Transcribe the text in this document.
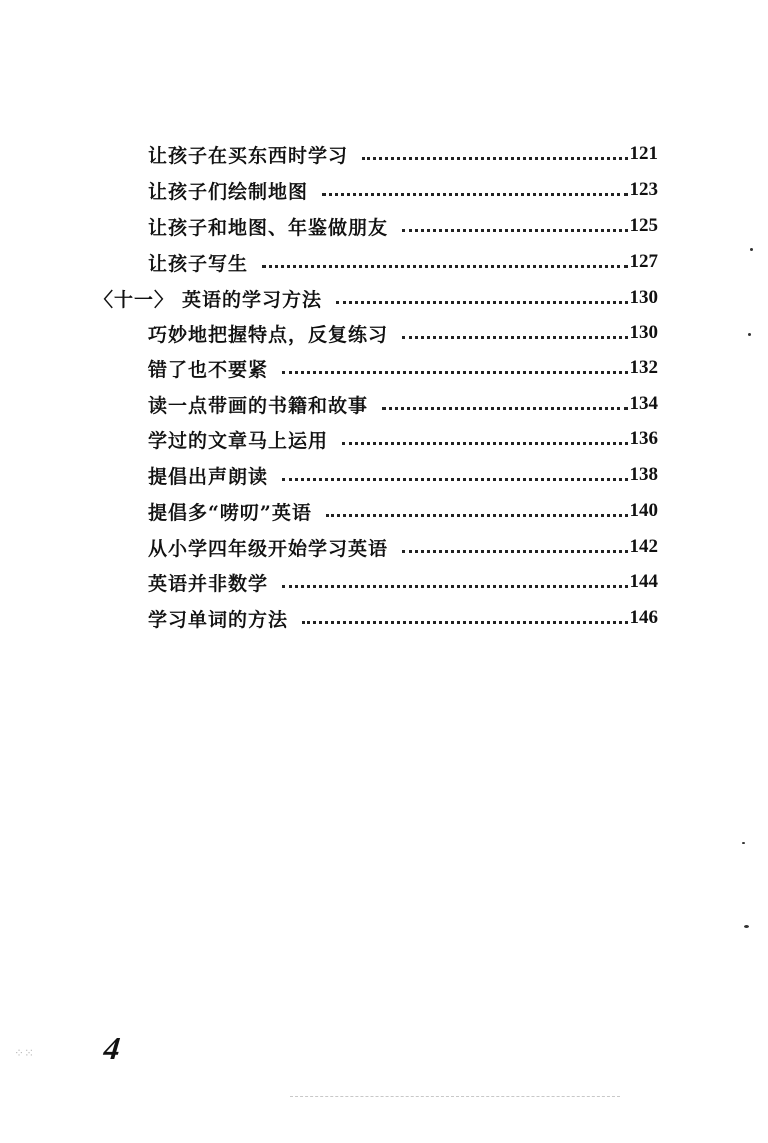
让孩子在买东西时学习	121
让孩子们绘制地图	123
让孩子和地图、年鉴做朋友	125
让孩子写生	127
〈十一〉 英语的学习方法	130
巧妙地把握特点，反复练习	130
错了也不要紧	132
读一点带画的书籍和故事	134
学过的文章马上运用	136
提倡出声朗读	138
提倡多“唠叨”英语	140
从小学四年级开始学习英语	142
英语并非数学	144
学习单词的方法	146
4
⁘⁙
